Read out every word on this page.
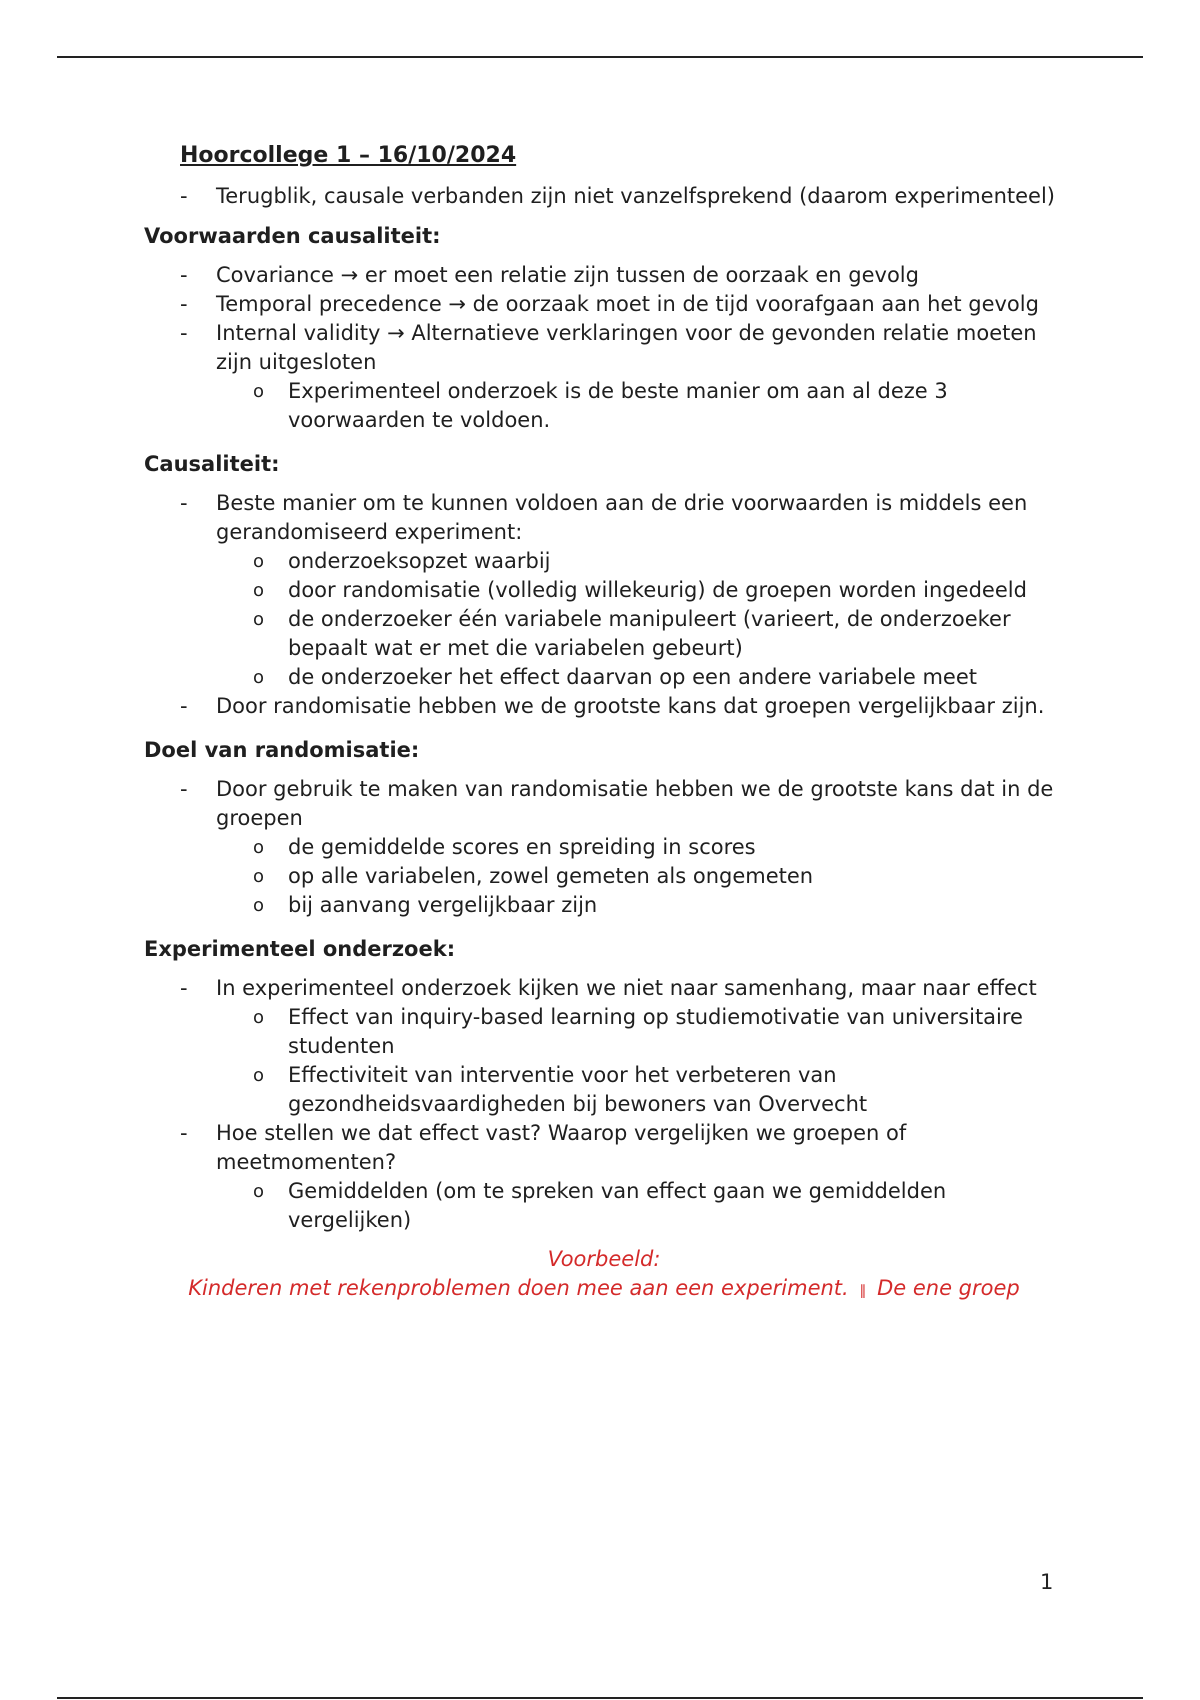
Hoorcollege 1 – 16/10/2024
- Terugblik, causale verbanden zijn niet vanzelfsprekend (daarom experimenteel)
Voorwaarden causaliteit:
- Covariance → er moet een relatie zijn tussen de oorzaak en gevolg
- Temporal precedence → de oorzaak moet in de tijd voorafgaan aan het gevolg
- Internal validity → Alternatieve verklaringen voor de gevonden relatie moeten zijn uitgesloten
o Experimenteel onderzoek is de beste manier om aan al deze 3 voorwaarden te voldoen.
Causaliteit:
- Beste manier om te kunnen voldoen aan de drie voorwaarden is middels een gerandomiseerd experiment:
o onderzoeksopzet waarbij
o door randomisatie (volledig willekeurig) de groepen worden ingedeeld
o de onderzoeker één variabele manipuleert (varieert, de onderzoeker bepaalt wat er met die variabelen gebeurt)
o de onderzoeker het effect daarvan op een andere variabele meet
- Door randomisatie hebben we de grootste kans dat groepen vergelijkbaar zijn.
Doel van randomisatie:
- Door gebruik te maken van randomisatie hebben we de grootste kans dat in de groepen
o de gemiddelde scores en spreiding in scores
o op alle variabelen, zowel gemeten als ongemeten
o bij aanvang vergelijkbaar zijn
Experimenteel onderzoek:
- In experimenteel onderzoek kijken we niet naar samenhang, maar naar effect
o Effect van inquiry-based learning op studiemotivatie van universitaire studenten
o Effectiviteit van interventie voor het verbeteren van gezondheidsvaardigheden bij bewoners van Overvecht
- Hoe stellen we dat effect vast? Waarop vergelijken we groepen of meetmomenten?
o Gemiddelden (om te spreken van effect gaan we gemiddelden vergelijken)
Voorbeeld:
Kinderen met rekenproblemen doen mee aan een experiment. ∥ De ene groep
1
